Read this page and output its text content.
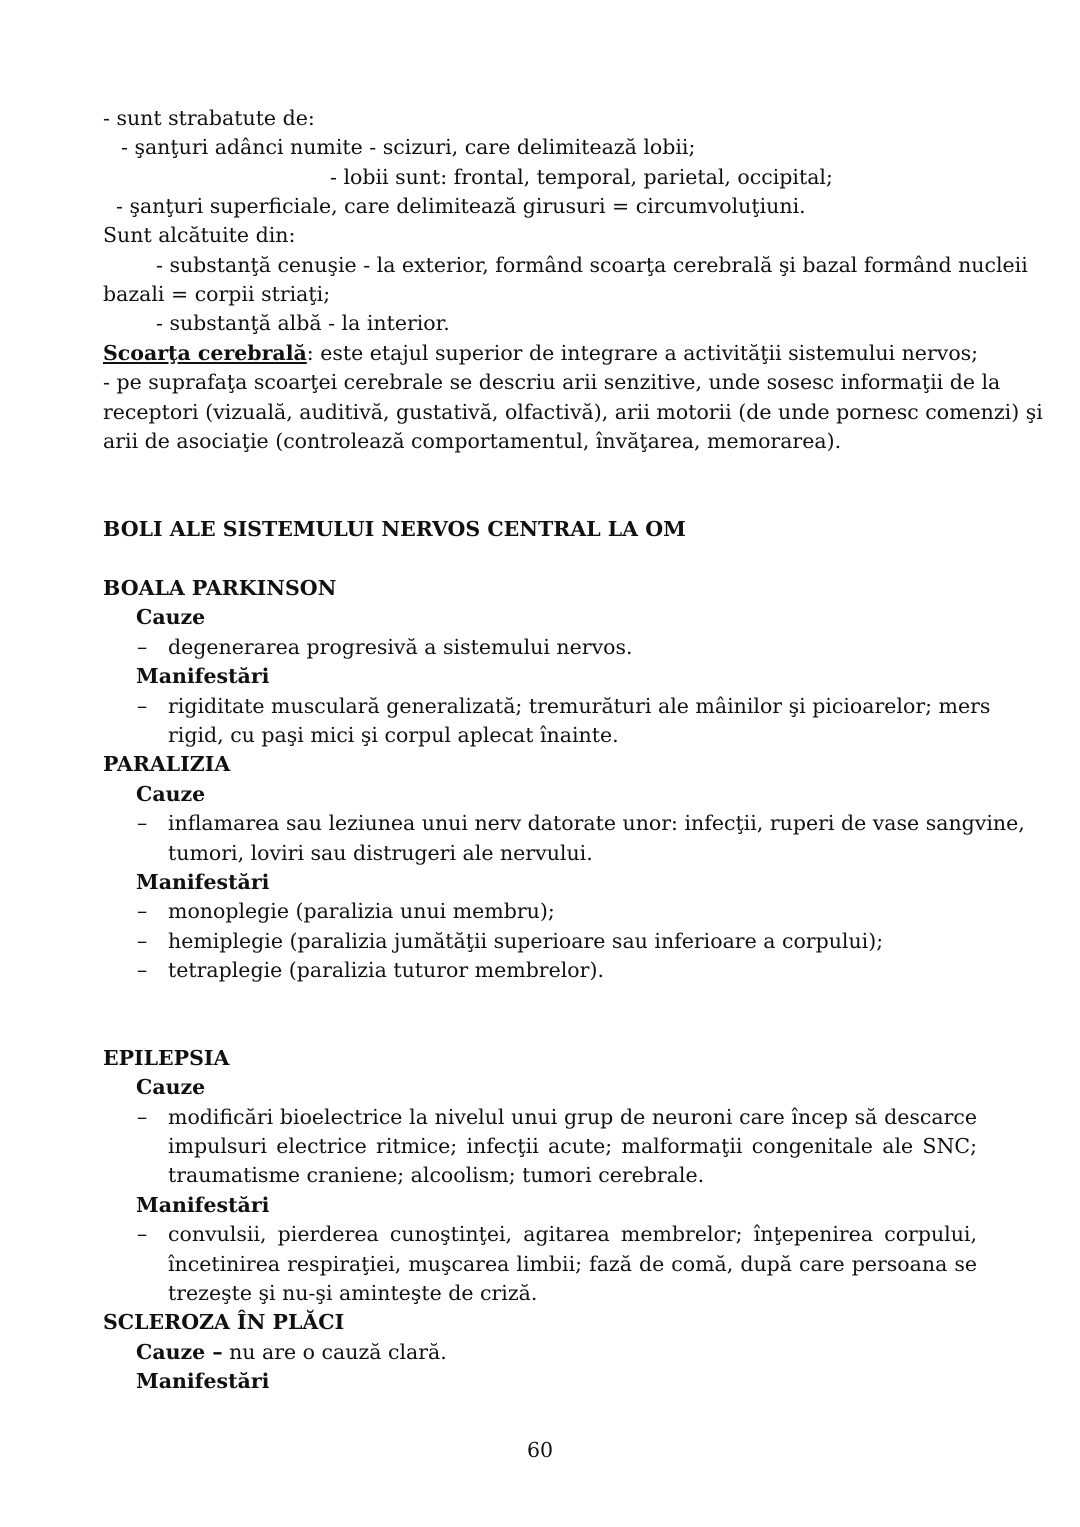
- sunt strabatute de:
- şanţuri adânci numite - scizuri, care delimitează lobii;
- lobii sunt: frontal, temporal, parietal, occipital;
- şanţuri superficiale, care delimitează girusuri = circumvoluţiuni.
Sunt alcătuite din:
- substanţă cenuşie - la exterior, formând scoarţa cerebrală şi bazal formând nucleii
bazali = corpii striaţi;
- substanţă albă - la interior.
Scoarţa cerebrală: este etajul superior de integrare a activităţii sistemului nervos;
- pe suprafaţa scoarţei cerebrale se descriu arii senzitive, unde sosesc informaţii de la
receptori (vizuală, auditivă, gustativă, olfactivă), arii motorii (de unde pornesc comenzi) şi
arii de asociaţie (controlează comportamentul, învăţarea, memorarea).
BOLI ALE SISTEMULUI NERVOS CENTRAL LA OM
BOALA PARKINSON
Cauze
–	degenerarea progresivă a sistemului nervos.
Manifestări
–	rigiditate musculară generalizată; tremurături ale mâinilor şi picioarelor; mers
rigid, cu paşi mici şi corpul aplecat înainte.
PARALIZIA
Cauze
–	inflamarea sau leziunea unui nerv datorate unor: infecţii, ruperi de vase sangvine,
tumori, loviri sau distrugeri ale nervului.
Manifestări
–	monoplegie (paralizia unui membru);
–	hemiplegie (paralizia jumătăţii superioare sau inferioare a corpului);
–	tetraplegie (paralizia tuturor membrelor).
EPILEPSIA
Cauze
–	modificări bioelectrice la nivelul unui grup de neuroni care încep să descarce
impulsuri electrice ritmice; infecţii acute; malformaţii congenitale ale SNC;
traumatisme craniene; alcoolism; tumori cerebrale.
Manifestări
–	convulsii, pierderea cunoştinţei, agitarea membrelor; înţepenirea corpului,
încetinirea respiraţiei, muşcarea limbii; fază de comă, după care persoana se
trezeşte şi nu-şi aminteşte de criză.
SCLEROZA ÎN PLĂCI
Cauze – nu are o cauză clară.
Manifestări
60
